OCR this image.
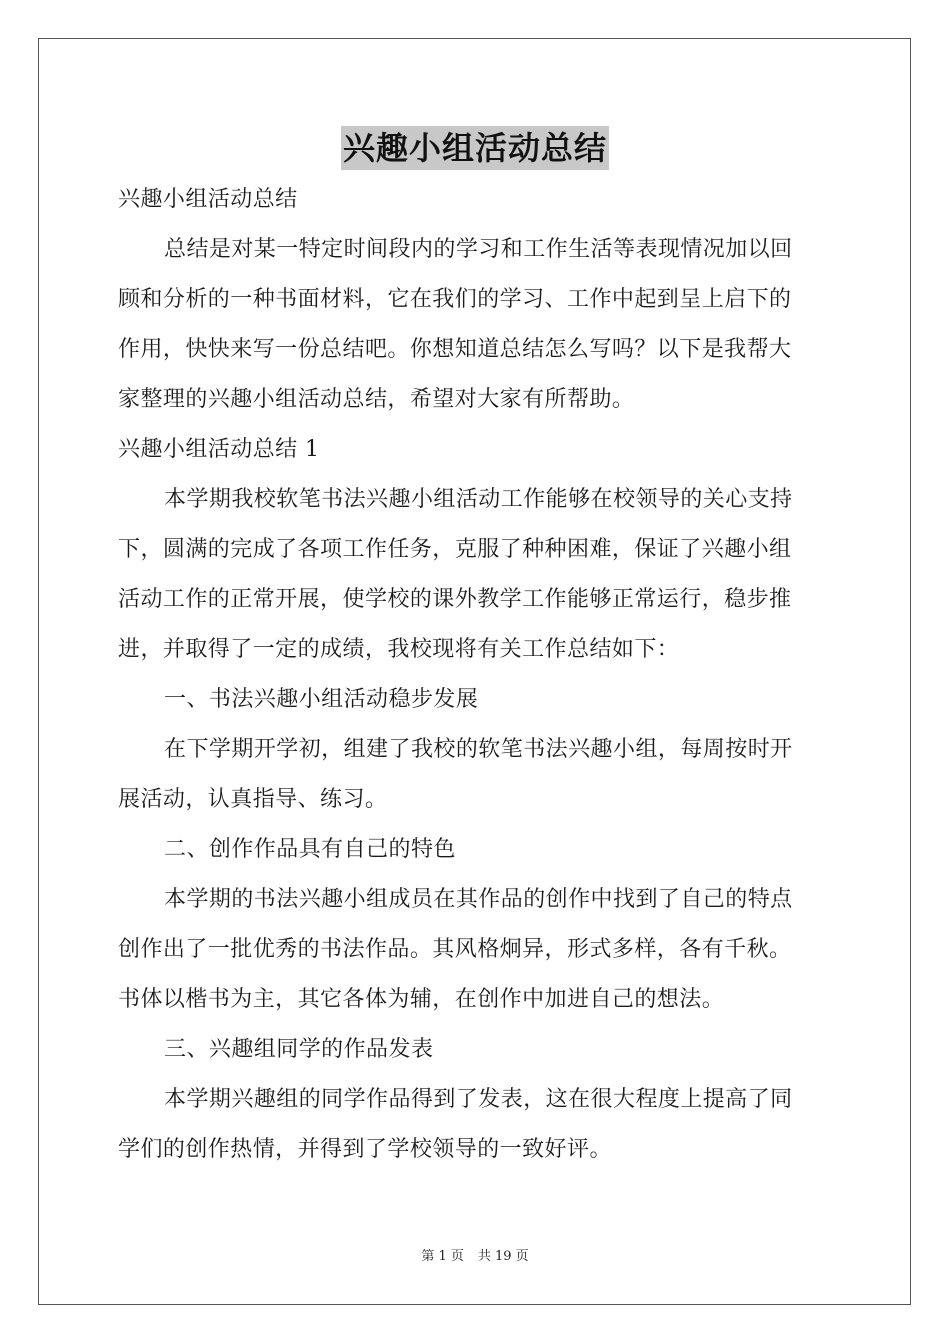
兴趣小组活动总结
兴趣小组活动总结
总结是对某一特定时间段内的学习和工作生活等表现情况加以回
顾和分析的一种书面材料，它在我们的学习、工作中起到呈上启下的
作用，快快来写一份总结吧。你想知道总结怎么写吗？以下是我帮大
家整理的兴趣小组活动总结，希望对大家有所帮助。
兴趣小组活动总结 1
本学期我校软笔书法兴趣小组活动工作能够在校领导的关心支持
下，圆满的完成了各项工作任务，克服了种种困难，保证了兴趣小组
活动工作的正常开展，使学校的课外教学工作能够正常运行，稳步推
进，并取得了一定的成绩，我校现将有关工作总结如下：
一、书法兴趣小组活动稳步发展
在下学期开学初，组建了我校的软笔书法兴趣小组，每周按时开
展活动，认真指导、练习。
二、创作作品具有自己的特色
本学期的书法兴趣小组成员在其作品的创作中找到了自己的特点
创作出了一批优秀的书法作品。其风格炯异，形式多样，各有千秋。
书体以楷书为主，其它各体为辅，在创作中加进自己的想法。
三、兴趣组同学的作品发表
本学期兴趣组的同学作品得到了发表，这在很大程度上提高了同
学们的创作热情，并得到了学校领导的一致好评。
第 1 页 共 19 页
